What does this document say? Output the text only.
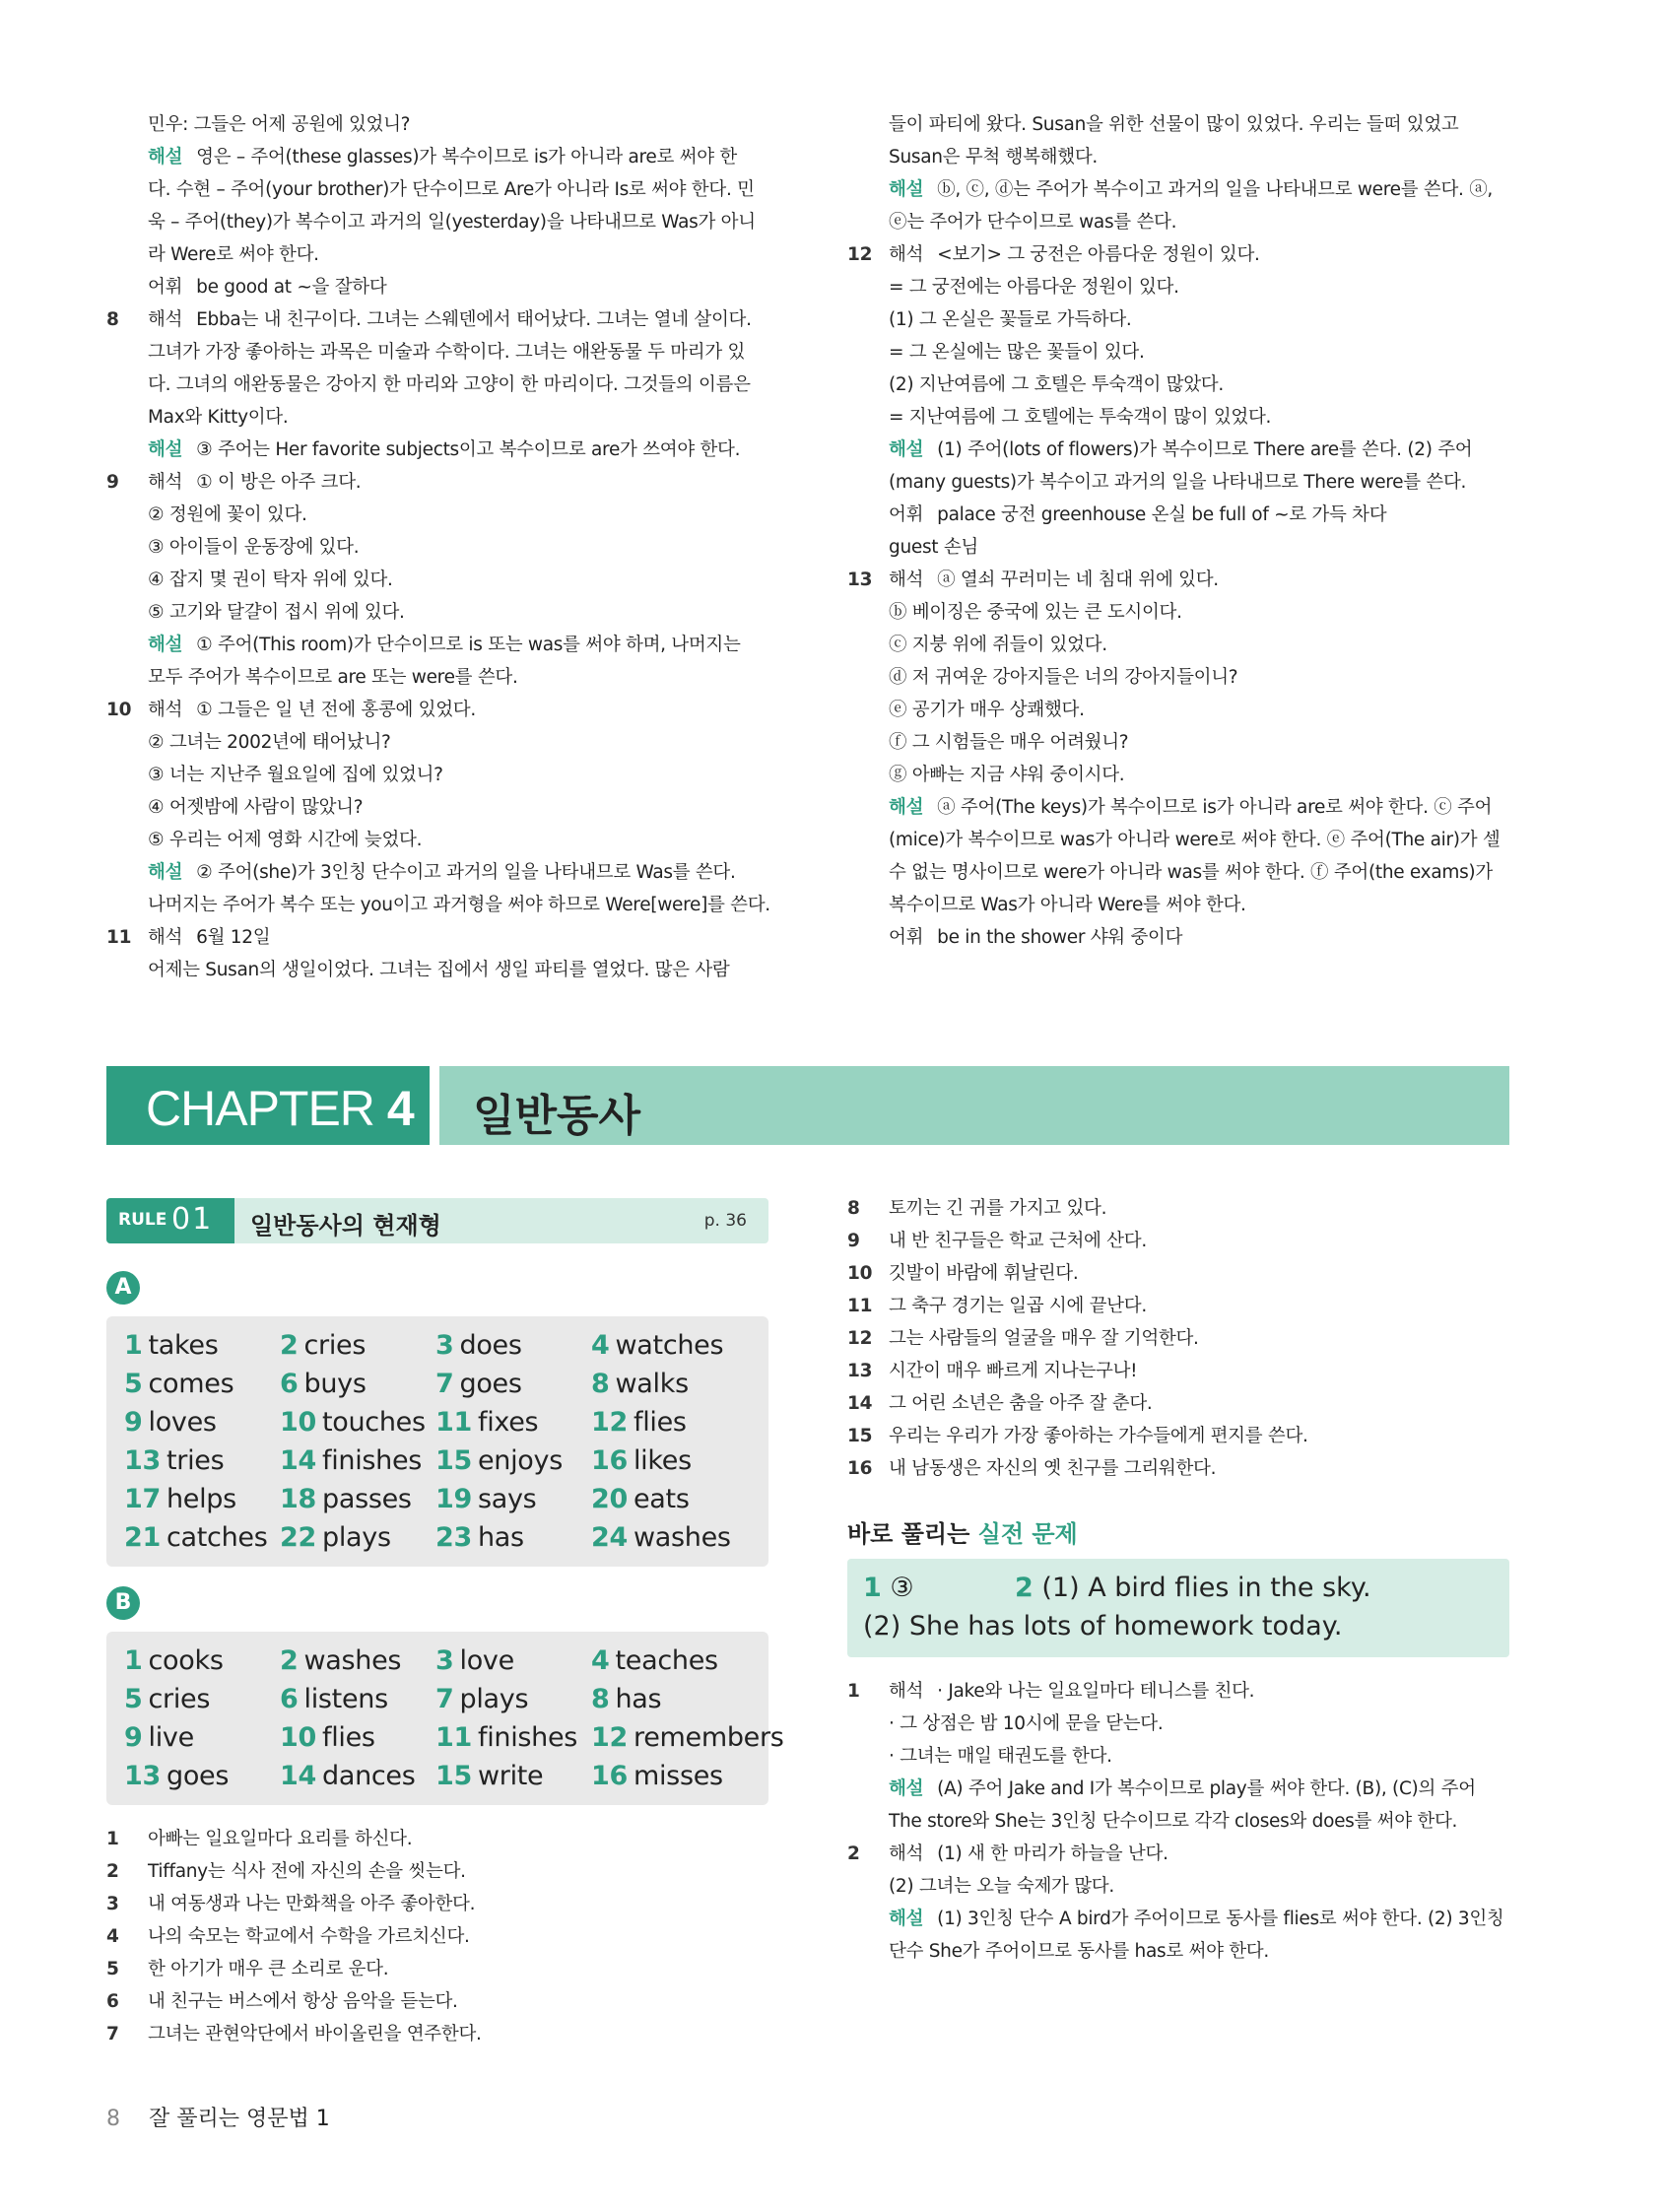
민우: 그들은 어제 공원에 있었니?
해설 영은 – 주어(these glasses)가 복수이므로 is가 아니라 are로 써야 한
다. 수현 – 주어(your brother)가 단수이므로 Are가 아니라 Is로 써야 한다. 민
욱 – 주어(they)가 복수이고 과거의 일(yesterday)을 나타내므로 Was가 아니
라 Were로 써야 한다.
어휘 be good at ~을 잘하다
8 해석 Ebba는 내 친구이다. 그녀는 스웨덴에서 태어났다. 그녀는 열네 살이다.
그녀가 가장 좋아하는 과목은 미술과 수학이다. 그녀는 애완동물 두 마리가 있
다. 그녀의 애완동물은 강아지 한 마리와 고양이 한 마리이다. 그것들의 이름은
Max와 Kitty이다.
해설 ③ 주어는 Her favorite subjects이고 복수이므로 are가 쓰여야 한다.
9 해석 ① 이 방은 아주 크다.
② 정원에 꽃이 있다.
③ 아이들이 운동장에 있다.
④ 잡지 몇 권이 탁자 위에 있다.
⑤ 고기와 달걀이 접시 위에 있다.
해설 ① 주어(This room)가 단수이므로 is 또는 was를 써야 하며, 나머지는
모두 주어가 복수이므로 are 또는 were를 쓴다.
10 해석 ① 그들은 일 년 전에 홍콩에 있었다.
② 그녀는 2002년에 태어났니?
③ 너는 지난주 월요일에 집에 있었니?
④ 어젯밤에 사람이 많았니?
⑤ 우리는 어제 영화 시간에 늦었다.
해설 ② 주어(she)가 3인칭 단수이고 과거의 일을 나타내므로 Was를 쓴다.
나머지는 주어가 복수 또는 you이고 과거형을 써야 하므로 Were[were]를 쓴다.
11 해석 6월 12일
어제는 Susan의 생일이었다. 그녀는 집에서 생일 파티를 열었다. 많은 사람
들이 파티에 왔다. Susan을 위한 선물이 많이 있었다. 우리는 들떠 있었고
Susan은 무척 행복해했다.
해설 ⓑ, ⓒ, ⓓ는 주어가 복수이고 과거의 일을 나타내므로 were를 쓴다. ⓐ,
ⓔ는 주어가 단수이므로 was를 쓴다.
12 해석 <보기> 그 궁전은 아름다운 정원이 있다.
= 그 궁전에는 아름다운 정원이 있다.
(1) 그 온실은 꽃들로 가득하다.
= 그 온실에는 많은 꽃들이 있다.
(2) 지난여름에 그 호텔은 투숙객이 많았다.
= 지난여름에 그 호텔에는 투숙객이 많이 있었다.
해설 (1) 주어(lots of flowers)가 복수이므로 There are를 쓴다. (2) 주어
(many guests)가 복수이고 과거의 일을 나타내므로 There were를 쓴다.
어휘 palace 궁전 greenhouse 온실 be full of ~로 가득 차다
guest 손님
13 해석 ⓐ 열쇠 꾸러미는 네 침대 위에 있다.
ⓑ 베이징은 중국에 있는 큰 도시이다.
ⓒ 지붕 위에 쥐들이 있었다.
ⓓ 저 귀여운 강아지들은 너의 강아지들이니?
ⓔ 공기가 매우 상쾌했다.
ⓕ 그 시험들은 매우 어려웠니?
ⓖ 아빠는 지금 샤워 중이시다.
해설 ⓐ 주어(The keys)가 복수이므로 is가 아니라 are로 써야 한다. ⓒ 주어
(mice)가 복수이므로 was가 아니라 were로 써야 한다. ⓔ 주어(The air)가 셀
수 없는 명사이므로 were가 아니라 was를 써야 한다. ⓕ 주어(the exams)가
복수이므로 Was가 아니라 Were를 써야 한다.
어휘 be in the shower 샤워 중이다
CHAPTER 4 일반동사
RULE 01 일반동사의 현재형	p. 36
A
1 takes	2 cries	3 does	4 watches
5 comes	6 buys	7 goes	8 walks
9 loves	10 touches 11 fixes	12 flies
13 tries	14 finishes 15 enjoys	16 likes
17 helps	18 passes 19 says	20 eats
21 catches 22 plays	23 has	24 washes
B
1 cooks	2 washes	3 love	4 teaches
5 cries	6 listens	7 plays	8 has
9 live	10 flies	11 finishes 12 remembers
13 goes	14 dances 15 write	16 misses
1 아빠는 일요일마다 요리를 하신다.
2 Tiffany는 식사 전에 자신의 손을 씻는다.
3 내 여동생과 나는 만화책을 아주 좋아한다.
4 나의 숙모는 학교에서 수학을 가르치신다.
5 한 아기가 매우 큰 소리로 운다.
6 내 친구는 버스에서 항상 음악을 듣는다.
7 그녀는 관현악단에서 바이올린을 연주한다.
8 토끼는 긴 귀를 가지고 있다.
9 내 반 친구들은 학교 근처에 산다.
10 깃발이 바람에 휘날린다.
11 그 축구 경기는 일곱 시에 끝난다.
12 그는 사람들의 얼굴을 매우 잘 기억한다.
13 시간이 매우 빠르게 지나는구나!
14 그 어린 소년은 춤을 아주 잘 춘다.
15 우리는 우리가 가장 좋아하는 가수들에게 편지를 쓴다.
16 내 남동생은 자신의 옛 친구를 그리워한다.
바로 풀리는 실전 문제
1 ③	2 (1) A bird flies in the sky.
(2) She has lots of homework today.
1 해석 · Jake와 나는 일요일마다 테니스를 친다.
· 그 상점은 밤 10시에 문을 닫는다.
· 그녀는 매일 태권도를 한다.
해설 (A) 주어 Jake and I가 복수이므로 play를 써야 한다. (B), (C)의 주어
The store와 She는 3인칭 단수이므로 각각 closes와 does를 써야 한다.
2 해석 (1) 새 한 마리가 하늘을 난다.
(2) 그녀는 오늘 숙제가 많다.
해설 (1) 3인칭 단수 A bird가 주어이므로 동사를 flies로 써야 한다. (2) 3인칭
단수 She가 주어이므로 동사를 has로 써야 한다.
8 잘 풀리는 영문법 1
